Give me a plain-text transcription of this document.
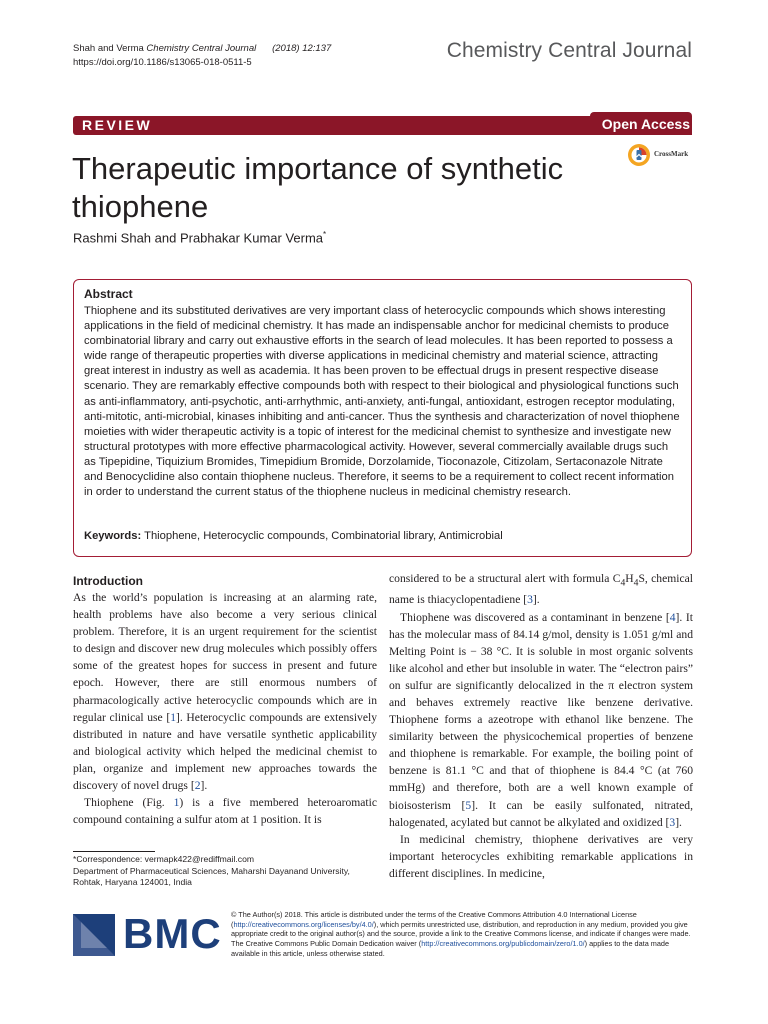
Shah and Verma Chemistry Central Journal (2018) 12:137
https://doi.org/10.1186/s13065-018-0511-5
Chemistry Central Journal
REVIEW	Open Access
Therapeutic importance of synthetic thiophene
CrossMark
Rashmi Shah and Prabhakar Kumar Verma*
Abstract

Thiophene and its substituted derivatives are very important class of heterocyclic compounds which shows interesting applications in the field of medicinal chemistry. It has made an indispensable anchor for medicinal chemists to produce combinatorial library and carry out exhaustive efforts in the search of lead molecules. It has been reported to possess a wide range of therapeutic properties with diverse applications in medicinal chemistry and material science, attracting great interest in industry as well as academia. It has been proven to be effectual drugs in present respective disease scenario. They are remarkably effective compounds both with respect to their biological and physiological functions such as anti-inflammatory, anti-psychotic, anti-arrhythmic, anti-anxiety, anti-fungal, antioxidant, estrogen receptor modulating, anti-mitotic, anti-microbial, kinases inhibiting and anti-cancer. Thus the synthesis and characterization of novel thiophene moieties with wider therapeutic activity is a topic of interest for the medicinal chemist to synthesize and investigate new structural prototypes with more effective pharmacological activity. However, several commercially available drugs such as Tipepidine, Tiquizium Bromides, Timepidium Bromide, Dorzolamide, Tioconazole, Citizolam, Sertaconazole Nitrate and Benocyclidine also contain thiophene nucleus. Therefore, it seems to be a requirement to collect recent information in order to understand the current status of the thiophene nucleus in medicinal chemistry research.

Keywords: Thiophene, Heterocyclic compounds, Combinatorial library, Antimicrobial
Introduction

As the world’s population is increasing at an alarming rate, health problems have also become a very serious clinical problem. Therefore, it is an urgent requirement for the scientist to design and discover new drug molecules which possibly offers some of the greatest hopes for success in present and future epoch. However, there are still enormous numbers of pharmacologically active heterocyclic compounds which are in regular clinical use [1]. Heterocyclic compounds are extensively distributed in nature and have versatile synthetic applicability and biological activity which helped the medicinal chemist to plan, organize and implement new approaches towards the discovery of novel drugs [2].

Thiophene (Fig. 1) is a five membered heteroaromatic compound containing a sulfur atom at 1 position. It is

considered to be a structural alert with formula $C_4H_4S$, chemical name is thiacyclopentadiene [3].

Thiophene was discovered as a contaminant in benzene [4]. It has the molecular mass of 84.14 g/mol, density is 1.051 g/ml and Melting Point is − 38 °C. It is soluble in most organic solvents like alcohol and ether but insoluble in water. The “electron pairs” on sulfur are significantly delocalized in the π electron system and behaves extremely reactive like benzene derivative. Thiophene forms a azeotrope with ethanol like benzene. The similarity between the physicochemical properties of benzene and thiophene is remarkable. For example, the boiling point of benzene is 81.1 °C and that of thiophene is 84.4 °C (at 760 mmHg) and therefore, both are a well known example of bioisosterism [5]. It can be easily sulfonated, nitrated, halogenated, acylated but cannot be alkylated and oxidized [3].

In medicinal chemistry, thiophene derivatives are very important heterocycles exhibiting remarkable applications in different disciplines. In medicine,

*Correspondence: vermapk422@rediffmail.com
Department of Pharmaceutical Sciences, Maharshi Dayanand University, Rohtak, Haryana 124001, India
BMC © The Author(s) 2018. This article is distributed under the terms of the Creative Commons Attribution 4.0 International License (http://creativecommons.org/licenses/by/4.0/), which permits unrestricted use, distribution, and reproduction in any medium, provided you give appropriate credit to the original author(s) and the source, provide a link to the Creative Commons license, and indicate if changes were made. The Creative Commons Public Domain Dedication waiver (http://creativecommons.org/publicdomain/zero/1.0/) applies to the data made available in this article, unless otherwise stated.
